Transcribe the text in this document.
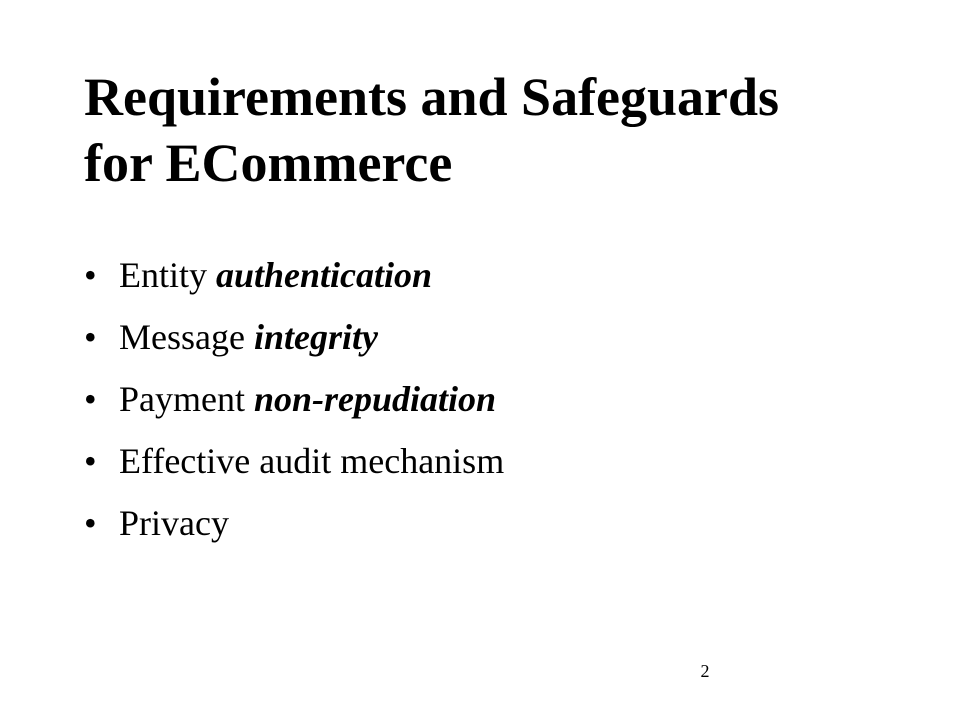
Requirements and Safeguards
for ECommerce
• Entity authentication
• Message integrity
• Payment non-repudiation
• Effective audit mechanism
• Privacy
2
